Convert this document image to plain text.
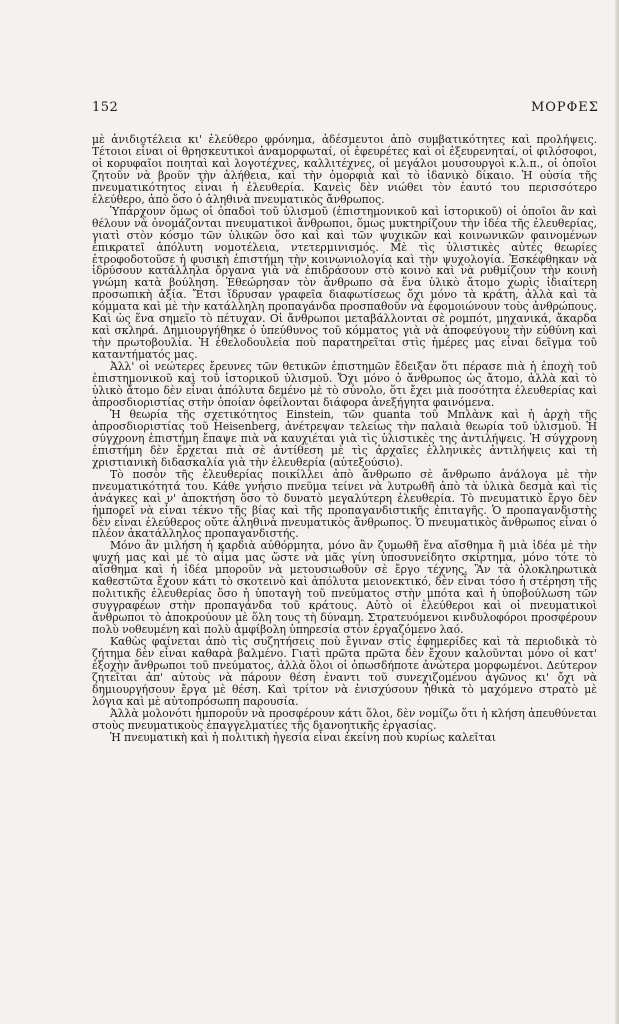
152	ΜΟΡΦΕΣ

μὲ ἀνιδιοτέλεια κι' ἐλεύθερο φρόνημα, ἀδέσμευτοι ἀπὸ συμβατικότητες καὶ προλήψεις. Τέτοιοι εἶναι οἱ θρησκευτικοὶ ἀναμορφωταί, οἱ ἐφευρέτες καὶ οἱ ἐξευρενηταί, οἱ φιλόσοφοι, οἱ κορυφαῖοι ποιηταὶ καὶ λογοτέχνες, καλλιτέχνες, οἱ μεγάλοι μουσουργοὶ κ.λ.π., οἱ ὁποῖοι ζητοῦν νὰ βροῦν τὴν ἀλήθεια, καὶ τὴν ὀμορφιὰ καὶ τὸ ἰδανικὸ δίκαιο. Ἡ οὐσία τῆς πνευματικότητος εἶναι ἡ ἐλευθερία. Κανεὶς δὲν νιώθει τὸν ἑαυτό του περισσότερο ἐλεύθερο, ἀπὸ ὅσο ὁ ἀληθινὰ πνευματικὸς ἄνθρωπος.

Ὑπάρχουν ὅμως οἱ ὀπαδοὶ τοῦ ὑλισμοῦ (ἐπιστημονικοῦ καὶ ἱστορικοῦ) οἱ ὁποῖοι ἂν καὶ θέλουν νὰ ὀνομάζονται πνευματικοὶ ἄνθρωποι, ὅμως μυκτηρίζουν τὴν ἰδέα τῆς ἐλευθερίας, γιατὶ στὸν κόσμο τῶν ὑλικῶν ὅσο καὶ καὶ τῶν ψυχικῶν καὶ κοινωνικῶν φαινομένων ἐπικρατεῖ ἀπόλυτη νομοτέλεια, ντετερμινισμός. Μὲ τὶς ὑλιστικὲς αὐτὲς θεωρίες ἐτροφοδοτοῦσε ἡ φυσικὴ ἐπιστήμη τὴν κοινωνιολογία καὶ τὴν ψυχολογία. Ἐσκέφθηκαν νὰ ἱδρύσουν κατάλληλα ὄργανα γιὰ νὰ ἐπιδράσουν στὸ κοινὸ καὶ νὰ ρυθμίζουν τὴν κοινὴ γνώμη κατὰ βούληση. Ἐθεώρησαν τὸν ἄνθρωπο σὰ ἕνα ὑλικὸ ἄτομο χωρὶς ἰδιαίτερη προσωπικὴ ἀξία. Ἔτσι ἵδρυσαν γραφεῖα διαφωτίσεως ὄχι μόνο τὰ κράτη, ἀλλὰ καὶ τὰ κόμματα καὶ μὲ τὴν κατάλληλη προπαγάνδα προσπαθοῦν νὰ ἐφομοιώνουν τοὺς ἀνθρώπους. Καὶ ὡς ἕνα σημεῖο τὸ πέτυχαν. Οἱ ἄνθρωποι μεταβάλλονται σὲ ρομπότ, μηχανικά, ἄκαρδα καὶ σκληρά. Δημιουργήθηκε ὁ ὑπεύθυνος τοῦ κόμματος γιὰ νὰ ἀποφεύγουν τὴν εὐθύνη καὶ τὴν πρωτοβουλία. Ἡ ἐθελοδουλεία ποὺ παρατηρεῖται στὶς ἡμέρες μας εἶναι δεῖγμα τοῦ καταντήματός μας.

Ἀλλ' οἱ νεώτερες ἔρευνες τῶν θετικῶν ἐπιστημῶν ἔδειξαν ὅτι πέρασε πιὰ ἡ ἐποχὴ τοῦ ἐπιστημονικοῦ καὶ τοῦ ἱστορικοῦ ὑλισμοῦ. Ὄχι μόνο ὁ ἄνθρωπος ὡς ἄτομο, ἀλλὰ καὶ τὸ ὑλικὸ ἄτομο δὲν εἶναι ἀπόλυτα δεμένο μὲ τὸ σύνολο, ὅτι ἔχει μιὰ ποσότητα ἐλευθερίας καὶ ἀπροσδιοριστίας στὴν ὁποίαν ὀφείλονται διάφορα ἀνεξήγητα φαινόμενα.

Ἡ θεωρία τῆς σχετικότητος Einstein, τῶν quanta τοῦ Μπλὰνκ καὶ ἡ ἀρχὴ τῆς ἀπροσδιοριστίας τοῦ Heisenberg, ἀνέτρεψαν τελείως τὴν παλαιὰ θεωρία τοῦ ὑλισμοῦ. Ἡ σύγχρονη ἐπιστήμη ἔπαψε πιὰ νὰ καυχιέται γιὰ τὶς ὑλιστικὲς της ἀντιλήψεις. Ἡ σύγχρονη ἐπιστήμη δὲν ἔρχεται πιὰ σὲ ἀντίθεση μὲ τὶς ἀρχαῖες ἑλληνικὲς ἀντιλήψεις καὶ τὴ χριστιανικὴ διδασκαλία γιὰ τὴν ἐλευθερία (αὐτεξούσιο).

Τὸ ποσὸν τῆς ἐλευθερίας ποικίλλει ἀπὸ ἄνθρωπο σὲ ἄνθρωπο ἀνάλογα μὲ τὴν πνευματικότητά του. Κάθε γνήσιο πνεῦμα τείνει νὰ λυτρωθῆ ἀπὸ τὰ ὑλικὰ δεσμὰ καὶ τὶς ἀνάγκες καὶ ν' ἀποκτήση ὅσο τὸ δυνατὸ μεγαλύτερη ἐλευθερία. Τὸ πνευματικὸ ἔργο δὲν ἠμπορεῖ νὰ εἶναι τέκνο τῆς βίας καὶ τῆς προπαγανδιστικῆς ἐπιταγῆς. Ὁ προπαγανδιστὴς δὲν εἶναι ἐλεύθερος οὔτε ἀληθινὰ πνευματικὸς ἄνθρωπος. Ὁ πνευματικὸς ἄνθρωπος εἶναι ὁ πλέον ἀκατάλληλος προπαγανδιστής.

Μόνο ἂν μιλήση ἡ καρδιὰ αὐθόρμητα, μόνο ἂν ζυμωθῆ ἕνα αἴσθημα ἢ μιὰ ἰδέα μὲ τὴν ψυχή μας καὶ μὲ τὸ αἷμα μας ὥστε νὰ μᾶς γίνη ὑποσυνείδητο σκίρτημα, μόνο τότε τὸ αἴσθημα καὶ ἡ ἰδέα μποροῦν νὰ μετουσιωθοῦν σὲ ἔργο τέχνης. Ἂν τὰ ὁλοκληρωτικὰ καθεστῶτα ἔχουν κάτι τὸ σκοτεινὸ καὶ ἀπόλυτα μειονεκτικό, δὲν εἶναι τόσο ἡ στέρηση τῆς πολιτικῆς ἐλευθερίας ὅσο ἡ ὑποταγὴ τοῦ πνεύματος στὴν μπότα καὶ ἡ ὑποβούλωση τῶν συγγραφέων στὴν προπαγάνδα τοῦ κράτους. Αὐτὸ οἱ ἐλεύθεροι καὶ οἱ πνευματικοὶ ἄνθρωποι τὸ ἀποκρούουν μὲ ὅλη τους τὴ δύναμη. Στρατευόμενοι κινδυλοφόροι προσφέρουν πολὺ νοθευμένη καὶ πολὺ ἀμφίβολη ὑπηρεσία στὸν ἐργαζόμενο λαό.

Καθὼς φαίνεται ἀπὸ τὶς συζητήσεις ποὺ ἔγιναν στὶς ἐφημερίδες καὶ τὰ περιοδικὰ τὸ ζήτημα δὲν εἶναι καθαρὰ βαλμένο. Γιατὶ πρῶτα πρῶτα δὲν ἔχουν καλοῦνται μόνο οἱ κατ' ἐξοχὴν ἄνθρωποι τοῦ πνεύματος, ἀλλὰ ὅλοι οἱ ὁπωσδήποτε ἀνώτερα μορφωμένοι. Δεύτερον ζητεῖται ἀπ' αὐτοὺς νὰ πάρουν θέση ἐναντι τοῦ συνεχιζομένου ἀγῶνος κι' ὄχι νὰ δημιουργήσουν ἔργα μὲ θέση. Καὶ τρίτον νὰ ἐνισχύσουν ἠθικὰ τὸ μαχόμενο στρατὸ μὲ λόγια καὶ μὲ αὐτοπρόσωπη παρουσία.

Ἀλλὰ μολονότι ἠμποροῦν νὰ προσφέρουν κάτι ὅλοι, δὲν νομίζω ὅτι ἡ κλήση ἀπευθύνεται στοὺς πνευματικοὺς ἐπαγγελματίες τῆς διανοητικῆς ἐργασίας.

Ἡ πνευματικὴ καὶ ἡ πολιτικὴ ἡγεσία εἶναι ἐκείνη ποὺ κυρίως καλεῖται
